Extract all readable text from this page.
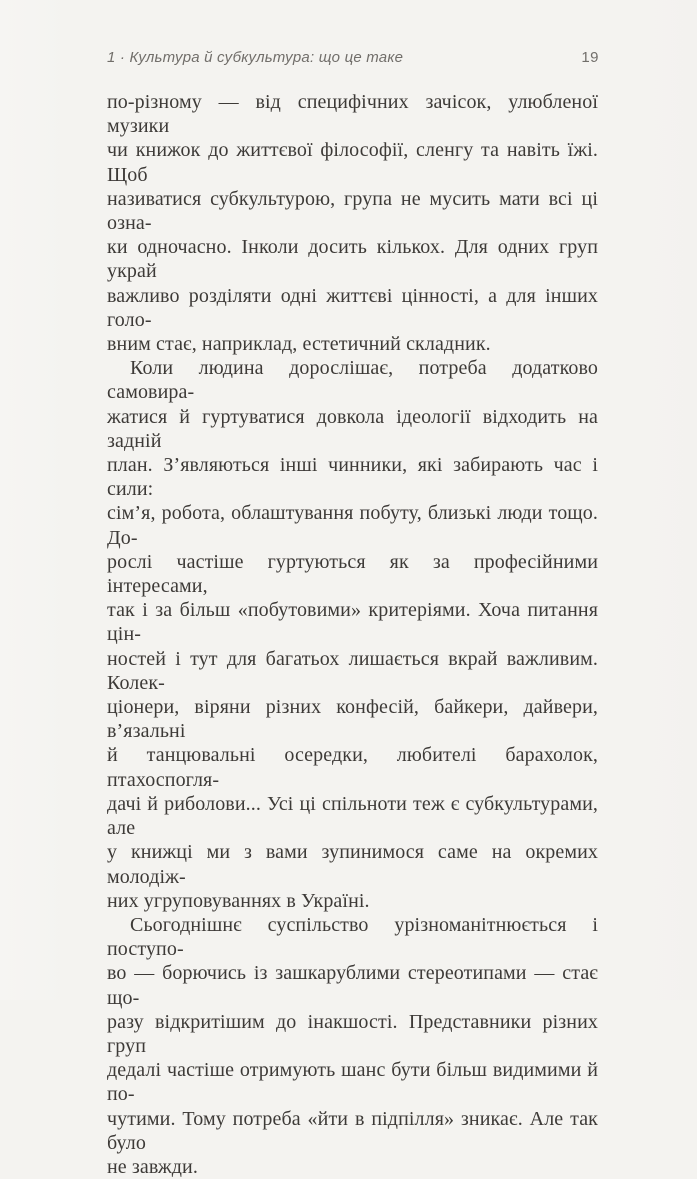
1 · Культура й субкультура: що це таке	19

по-різному — від специфічних зачісок, улюбленої музики
чи книжок до життєвої філософії, сленгу та навіть їжі. Щоб
називатися субкультурою, група не мусить мати всі ці озна-
ки одночасно. Інколи досить кількох. Для одних груп украй
важливо розділяти одні життєві цінності, а для інших голо-
вним стає, наприклад, естетичний складник.

Коли людина дорослішає, потреба додатково самовира-
жатися й гуртуватися довкола ідеології відходить на задній
план. З’являються інші чинники, які забирають час і сили:
сім’я, робота, облаштування побуту, близькі люди тощо. До-
рослі частіше гуртуються як за професійними інтересами,
так і за більш «побутовими» критеріями. Хоча питання цін-
ностей і тут для багатьох лишається вкрай важливим. Колек-
ціонери, віряни різних конфесій, байкери, дайвери, в’язальні
й танцювальні осередки, любителі барахолок, птахоспогля-
дачі й риболови... Усі ці спільноти теж є субкультурами, але
у книжці ми з вами зупинимося саме на окремих молодіж-
них угруповуваннях в Україні.

Сьогоднішнє суспільство урізноманітнюється і поступо-
во — борючись із зашкарублими стереотипами — стає що-
разу відкритішим до інакшості. Представники різних груп
дедалі частіше отримують шанс бути більш видимими й по-
чутими. Тому потреба «йти в підпілля» зникає. Але так було
не завжди.
